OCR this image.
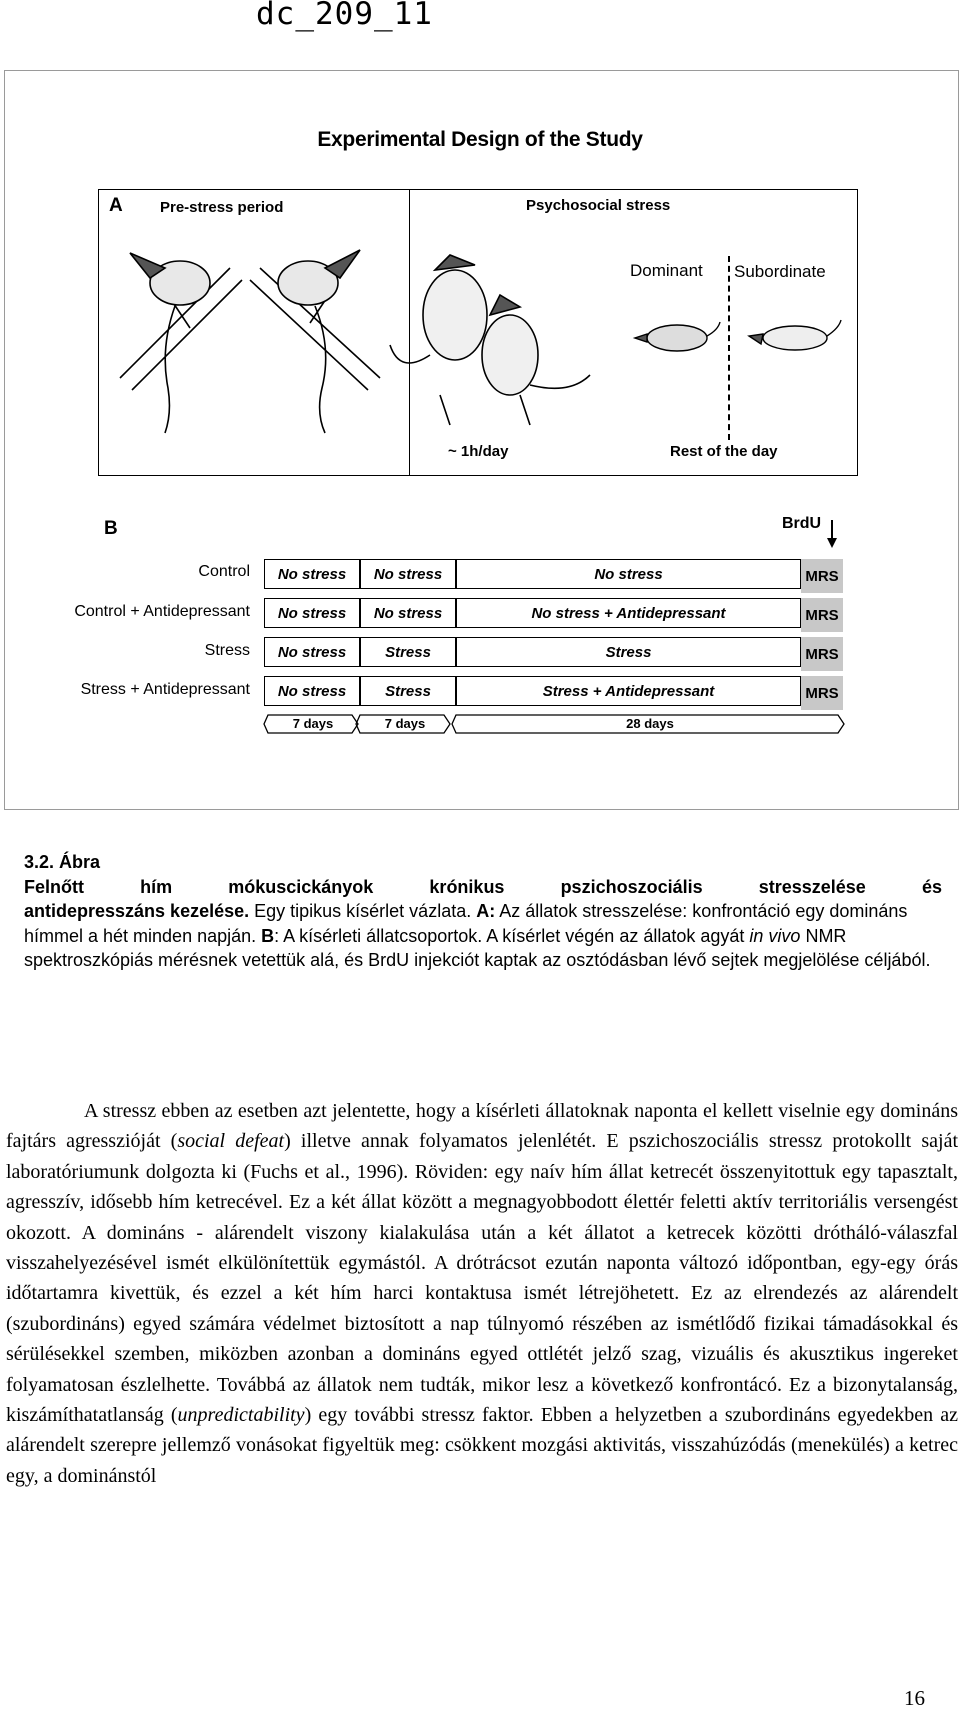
dc_209_11
Experimental Design of the Study
A Pre-stress period	Psychosocial stress
Dominant Subordinate
~ 1h/day	Rest of the day
B	BrdU
Control	No stress	No stress	No stress	MRS
Control + Antidepressant	No stress	No stress	No stress + Antidepressant	MRS
Stress	No stress	Stress	Stress	MRS
Stress + Antidepressant	No stress	Stress	Stress + Antidepressant	MRS
7 days	7 days	28 days

3.2. Ábra

Felnőtt	hím	mókuscickányok	krónikus	pszichoszociális	stresszelése	és

antidepresszáns kezelése. Egy tipikus kísérlet vázlata. A: Az állatok stresszelése: konfrontáció egy domináns hímmel a hét minden napján. B: A kísérleti állatcsoportok. A kísérlet végén az állatok agyát in vivo NMR spektroszkópiás mérésnek vetettük alá, és BrdU injekciót kaptak az osztódásban lévő sejtek megjelölése céljából.

A stressz ebben az esetben azt jelentette, hogy a kísérleti állatoknak naponta el kellett viselnie egy domináns fajtárs agresszióját (social defeat) illetve annak folyamatos jelenlétét. E pszichoszociális stressz protokollt saját laboratóriumunk dolgozta ki (Fuchs et al., 1996). Röviden: egy naív hím állat ketrecét összenyitottuk egy tapasztalt, agresszív, idősebb hím ketrecével. Ez a két állat között a megnagyobbodott élettér feletti aktív territoriális versengést okozott. A domináns - alárendelt viszony kialakulása után a két állatot a ketrecek közötti drótháló-válaszfal visszahelyezésével ismét elkülönítettük egymástól. A drótrácsot ezután naponta változó időpontban, egy-egy órás időtartamra kivettük, és ezzel a két hím harci kontaktusa ismét létrejöhetett. Ez az elrendezés az alárendelt (szubordináns) egyed számára védelmet biztosított a nap túlnyomó részében az ismétlődő fizikai támadásokkal és sérülésekkel szemben, miközben azonban a domináns egyed ottlétét jelző szag, vizuális és akusztikus ingereket folyamatosan észlelhette. Továbbá az állatok nem tudták, mikor lesz a következő konfrontácó. Ez a bizonytalanság, kiszámíthatatlanság (unpredictability) egy további stressz faktor. Ebben a helyzetben a szubordináns egyedekben az alárendelt szerepre jellemző vonásokat figyeltük meg: csökkent mozgási aktivitás, visszahúzódás (menekülés) a ketrec egy, a dominánstól
16
